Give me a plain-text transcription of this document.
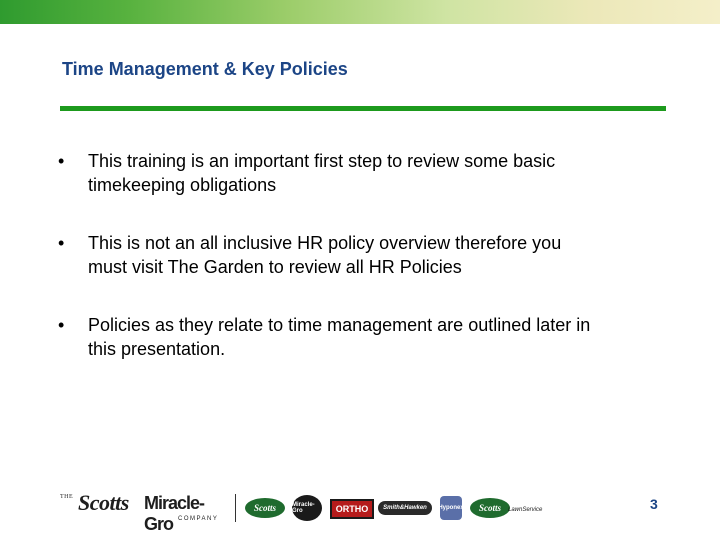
Time Management & Key Policies
•	This training is an important first step to review some basic
timekeeping obligations
•	This is not an all inclusive HR policy overview therefore you
must visit The Garden to review all HR Policies
•	Policies as they relate to time management are outlined later in
this presentation.
THE Scotts Miracle-Gro COMPANY
Scotts	Miracle-Gro	ORTHO	Smith&Hawken	Hyponex	Scotts	LawnService	3
